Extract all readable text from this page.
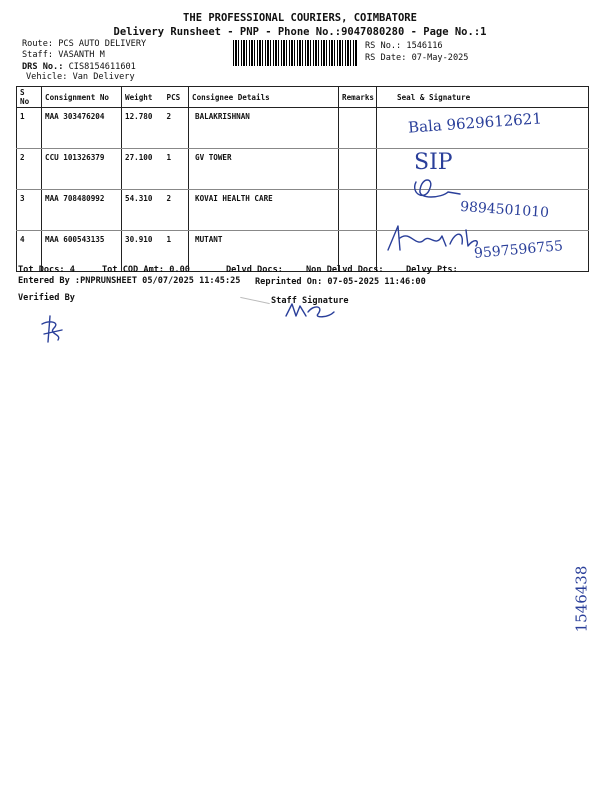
THE PROFESSIONAL COURIERS, COIMBATORE
Delivery Runsheet - PNP - Phone No.:9047080280 - Page No.:1
Route: PCS AUTO DELIVERY
Staff: VASANTH M
DRS No.: CIS8154611601
Vehicle: Van Delivery
RS No.: 1546116
RS Date: 07-May-2025
S No	Consignment No	Weight	PCS	Consignee Details	Remarks	Seal & Signature
1	MAA 303476204	12.780	2	BALAKRISHNAN		
2	CCU 101326379	27.100	1	GV TOWER		
3	MAA 708480992	54.310	2	KOVAI HEALTH CARE		
4	MAA 600543135	30.910	1	MUTANT		
Bala 9629612621
SIP
9894501010
9597596755
Tot Docs: 4	Tot COD Amt: 0.00	Delvd Docs:	Non Delvd Docs:	Delvy Pts:
Entered By :PNPRUNSHEET 05/07/2025 11:45:25 Reprinted On: 07-05-2025 11:46:00
Verified By	Staff Signature
1546438
